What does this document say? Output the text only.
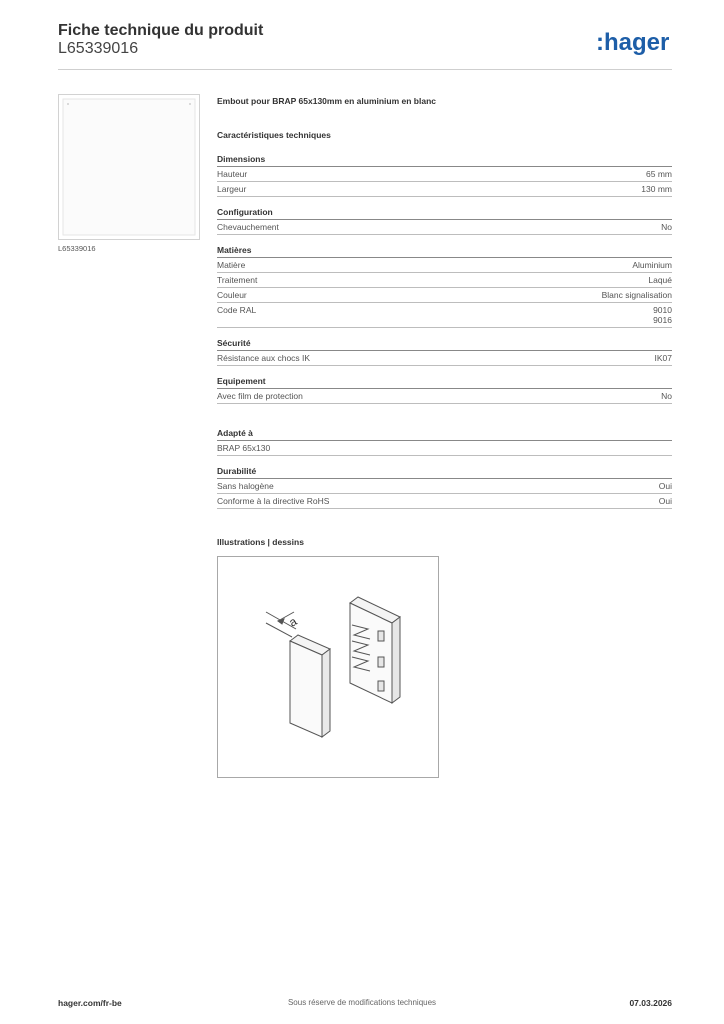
Fiche technique du produit
L65339016	:hager
L65339016
Embout pour BRAP 65x130mm en aluminium en blanc
Caractéristiques techniques
Dimensions
Hauteur	65 mm
Largeur	130 mm
Configuration
Chevauchement	No
Matières
Matière	Aluminium
Traitement	Laqué
Couleur	Blanc signalisation
Code RAL	9010
9016
Sécurité
Résistance aux chocs IK	IK07
Equipement
Avec film de protection	No
Adapté à
BRAP 65x130
Durabilité
Sans halogène	Oui
Conforme à la directive RoHS	Oui
Illustrations | dessins
a
hager.com/fr-be	Sous réserve de modifications techniques	07.03.2026
